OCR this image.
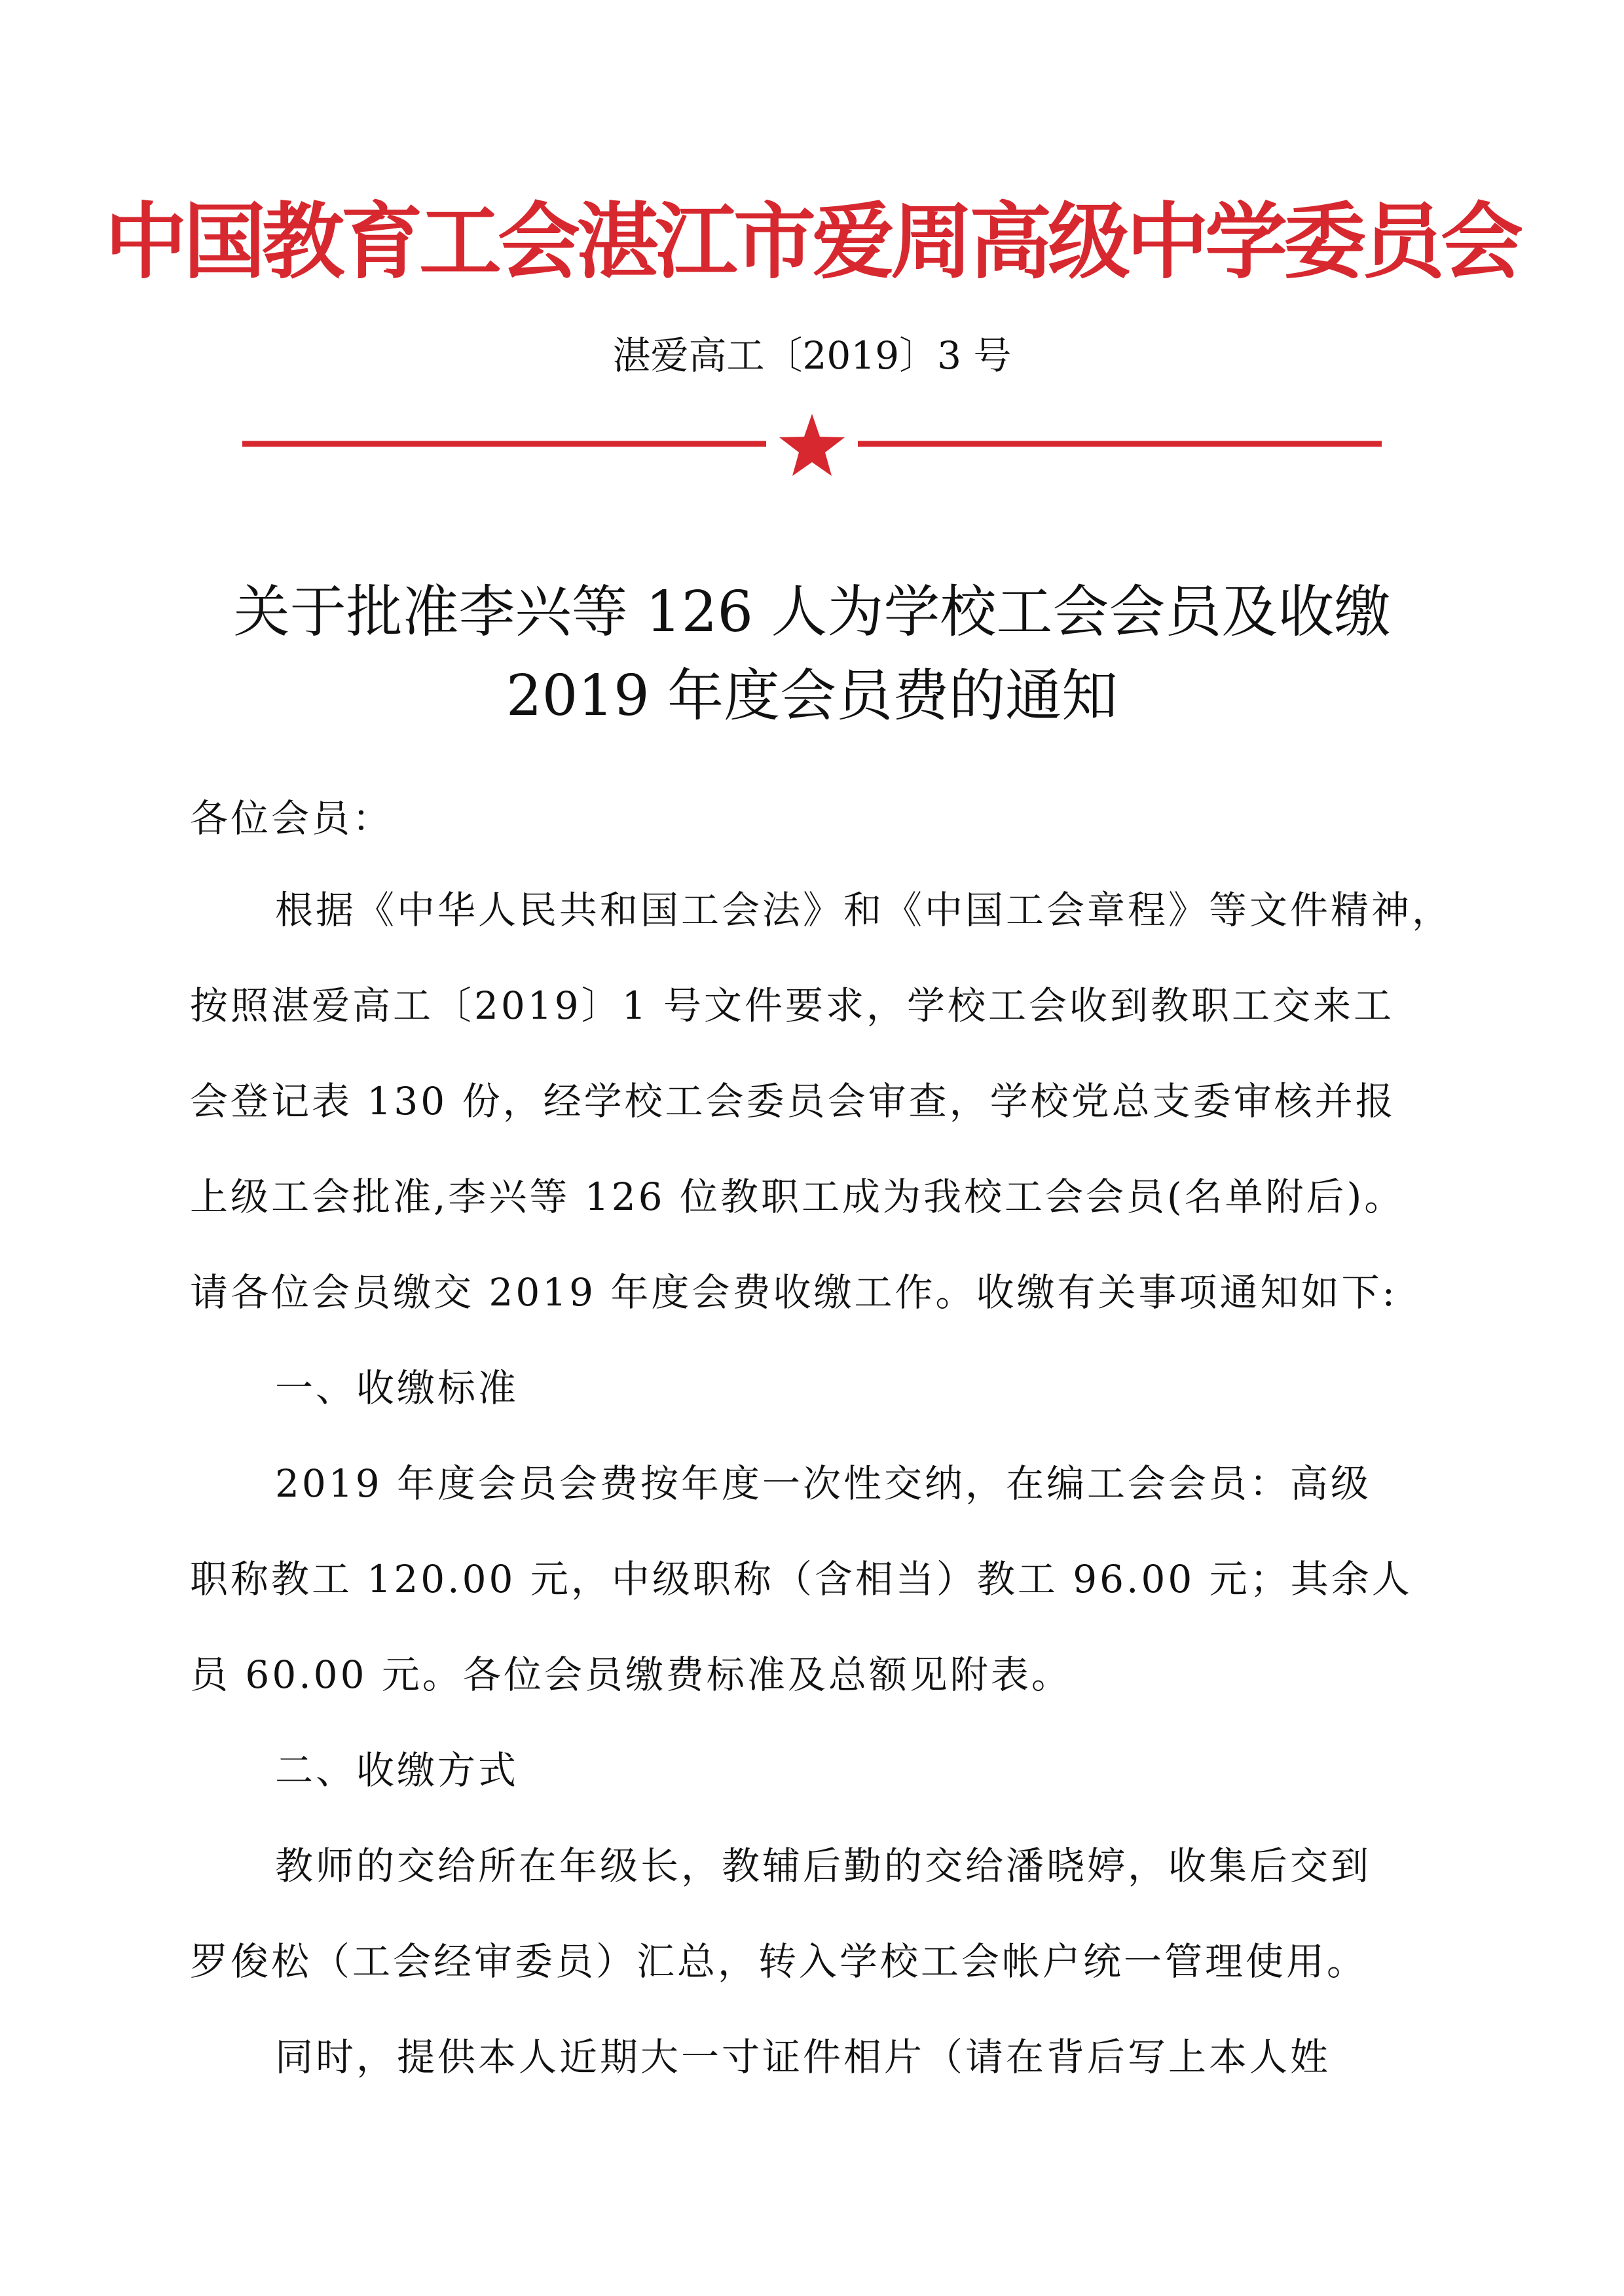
中国教育工会湛江市爱周高级中学委员会
湛爱高工〔2019〕3 号
关于批准李兴等 126 人为学校工会会员及收缴
2019 年度会员费的通知
各位会员：
根据《中华人民共和国工会法》和《中国工会章程》等文件精神，
按照湛爱高工〔2019〕1 号文件要求，学校工会收到教职工交来工
会登记表 130 份，经学校工会委员会审查，学校党总支委审核并报
上级工会批准,李兴等 126 位教职工成为我校工会会员(名单附后)。
请各位会员缴交 2019 年度会费收缴工作。收缴有关事项通知如下:
一、收缴标准
2019 年度会员会费按年度一次性交纳，在编工会会员：高级
职称教工 120.00 元，中级职称（含相当）教工 96.00 元；其余人
员 60.00 元。各位会员缴费标准及总额见附表。
二、收缴方式
教师的交给所在年级长，教辅后勤的交给潘晓婷，收集后交到
罗俊松（工会经审委员）汇总，转入学校工会帐户统一管理使用。
同时，提供本人近期大一寸证件相片（请在背后写上本人姓
